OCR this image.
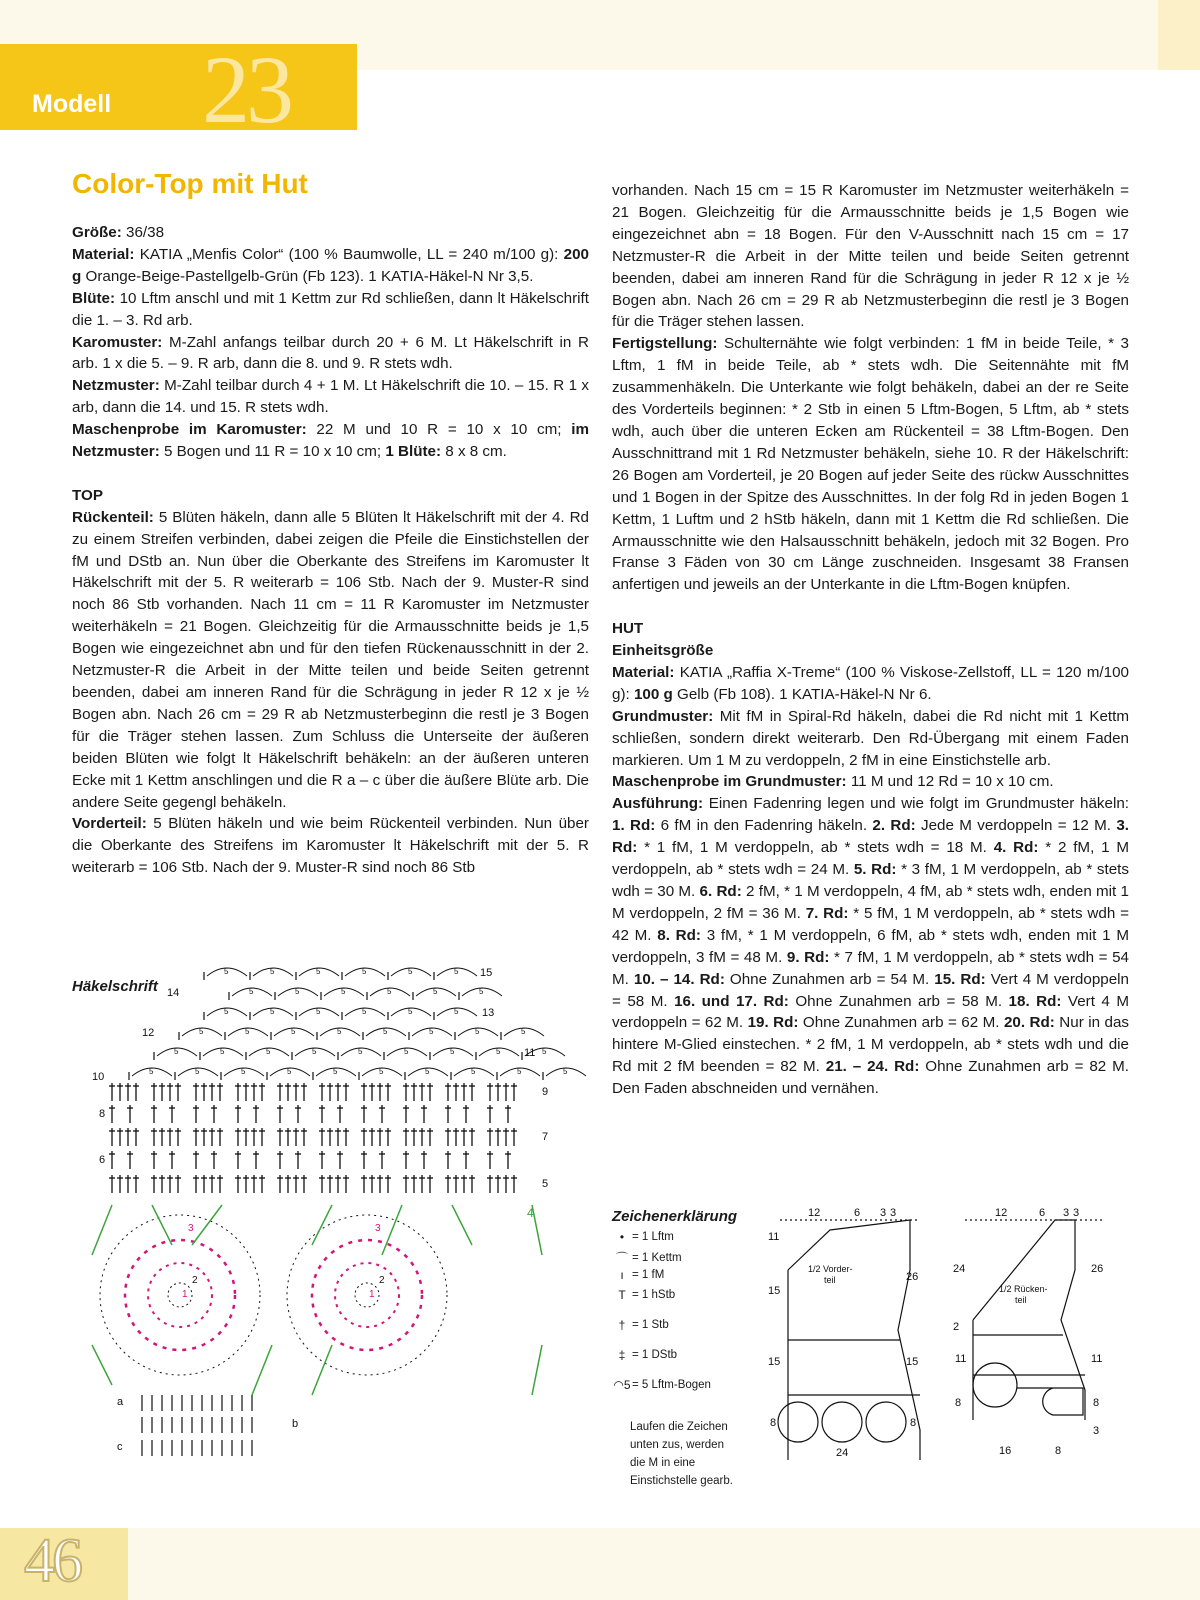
23
Modell
46
Color-Top mit Hut

Größe: 36/38

Material: KATIA „Menfis Color“ (100 % Baumwolle, LL = 240 m/100 g): 200 g Orange-Beige-Pastellgelb-Grün (Fb 123). 1 KATIA-Häkel-N Nr 3,5.

Blüte: 10 Lftm anschl und mit 1 Kettm zur Rd schließen, dann lt Häkelschrift die 1. – 3. Rd arb.

Karomuster: M-Zahl anfangs teilbar durch 20 + 6 M. Lt Häkelschrift in R arb. 1 x die 5. – 9. R arb, dann die 8. und 9. R stets wdh.

Netzmuster: M-Zahl teilbar durch 4 + 1 M. Lt Häkelschrift die 10. – 15. R 1 x arb, dann die 14. und 15. R stets wdh.

Maschenprobe im Karomuster: 22 M und 10 R = 10 x 10 cm; im Netzmuster: 5 Bogen und 11 R = 10 x 10 cm; 1 Blüte: 8 x 8 cm.

TOP

Rückenteil: 5 Blüten häkeln, dann alle 5 Blüten lt Häkelschrift mit der 4. Rd zu einem Streifen verbinden, dabei zeigen die Pfeile die Einstichstellen der fM und DStb an. Nun über die Oberkante des Streifens im Karomuster lt Häkelschrift mit der 5. R weiterarb = 106 Stb. Nach der 9. Muster-R sind noch 86 Stb vorhanden. Nach 11 cm = 11 R Karomuster im Netzmuster weiterhäkeln = 21 Bogen. Gleichzeitig für die Armausschnitte beids je 1,5 Bogen wie eingezeichnet abn und für den tiefen Rückenausschnitt in der 2. Netzmuster-R die Arbeit in der Mitte teilen und beide Seiten getrennt beenden, dabei am inneren Rand für die Schrägung in jeder R 12 x je ½ Bogen abn. Nach 26 cm = 29 R ab Netzmusterbeginn die restl je 3 Bogen für die Träger stehen lassen. Zum Schluss die Unterseite der äußeren beiden Blüten wie folgt lt Häkelschrift behäkeln: an der äußeren unteren Ecke mit 1 Kettm anschlingen und die R a – c über die äußere Blüte arb. Die andere Seite gegengl behäkeln.

Vorderteil: 5 Blüten häkeln und wie beim Rückenteil verbinden. Nun über die Oberkante des Streifens im Karomuster lt Häkelschrift mit der 5. R weiterarb = 106 Stb. Nach der 9. Muster-R sind noch 86 Stb

vorhanden. Nach 15 cm = 15 R Karomuster im Netzmuster weiterhäkeln = 21 Bogen. Gleichzeitig für die Armausschnitte beids je 1,5 Bogen wie eingezeichnet abn = 18 Bogen. Für den V-Ausschnitt nach 15 cm = 17 Netzmuster-R die Arbeit in der Mitte teilen und beide Seiten getrennt beenden, dabei am inneren Rand für die Schrägung in jeder R 12 x je ½ Bogen abn. Nach 26 cm = 29 R ab Netzmusterbeginn die restl je 3 Bogen für die Träger stehen lassen.

Fertigstellung: Schulternähte wie folgt verbinden: 1 fM in beide Teile, * 3 Lftm, 1 fM in beide Teile, ab * stets wdh. Die Seitennähte mit fM zusammenhäkeln. Die Unterkante wie folgt behäkeln, dabei an der re Seite des Vorderteils beginnen: * 2 Stb in einen 5 Lftm-Bogen, 5 Lftm, ab * stets wdh, auch über die unteren Ecken am Rückenteil = 38 Lftm-Bogen. Den Ausschnittrand mit 1 Rd Netzmuster behäkeln, siehe 10. R der Häkelschrift: 26 Bogen am Vorderteil, je 20 Bogen auf jeder Seite des rückw Ausschnittes und 1 Bogen in der Spitze des Ausschnittes. In der folg Rd in jeden Bogen 1 Kettm, 1 Luftm und 2 hStb häkeln, dann mit 1 Kettm die Rd schließen. Die Armausschnitte wie den Halsausschnitt behäkeln, jedoch mit 32 Bogen. Pro Franse 3 Fäden von 30 cm Länge zuschneiden. Insgesamt 38 Fransen anfertigen und jeweils an der Unterkante in die Lftm-Bogen knüpfen.

HUT

Einheitsgröße

Material: KATIA „Raffia X-Treme“ (100 % Viskose-Zellstoff, LL = 120 m/100 g): 100 g Gelb (Fb 108). 1 KATIA-Häkel-N Nr 6.

Grundmuster: Mit fM in Spiral-Rd häkeln, dabei die Rd nicht mit 1 Kettm schließen, sondern direkt weiterarb. Den Rd-Übergang mit einem Faden markieren. Um 1 M zu verdoppeln, 2 fM in eine Einstichstelle arb.

Maschenprobe im Grundmuster: 11 M und 12 Rd = 10 x 10 cm.

Ausführung: Einen Fadenring legen und wie folgt im Grundmuster häkeln: 1. Rd: 6 fM in den Fadenring häkeln. 2. Rd: Jede M verdoppeln = 12 M. 3. Rd: * 1 fM, 1 M verdoppeln, ab * stets wdh = 18 M. 4. Rd: * 2 fM, 1 M verdoppeln, ab * stets wdh = 24 M. 5. Rd: * 3 fM, 1 M verdoppeln, ab * stets wdh = 30 M. 6. Rd: 2 fM, * 1 M verdoppeln, 4 fM, ab * stets wdh, enden mit 1 M verdoppeln, 2 fM = 36 M. 7. Rd: * 5 fM, 1 M verdoppeln, ab * stets wdh = 42 M. 8. Rd: 3 fM, * 1 M verdoppeln, 6 fM, ab * stets wdh, enden mit 1 M verdoppeln, 3 fM = 48 M. 9. Rd: * 7 fM, 1 M verdoppeln, ab * stets wdh = 54 M. 10. – 14. Rd: Ohne Zunahmen arb = 54 M. 15. Rd: Vert 4 M verdoppeln = 58 M. 16. und 17. Rd: Ohne Zunahmen arb = 58 M. 18. Rd: Vert 4 M verdoppeln = 62 M. 19. Rd: Ohne Zunahmen arb = 62 M. 20. Rd: Nur in das hintere M-Glied einstechen. * 2 fM, 1 M verdoppeln, ab * stets wdh und die Rd mit 2 fM beenden = 82 M. 21. – 24. Rd: Ohne Zunahmen arb = 82 M. Den Faden abschneiden und vernähen.

Häkelschrift
5	5	5	5	5	5 15
5	5	5	5	5	5
14
5	5	5	5	5	5 13
5	5	5	5	5	5	5	5
12
5	5	5	5	5	5	5	5	5
11
5	5	5	5	5	5	5	5	5	5
10
9
8
7
6
5
3
2
1
3
2
1
4
a
b
c
Zeichenerklärung
• = 1 Lftm
⌒ = 1 Kettm
ı = 1 fM
T = 1 hStb
† = 1 Stb
‡ = 1 DStb
◠5 = 5 Lftm-Bogen
Laufen die Zeichen
unten zus, werden
die M in eine
Einstichstelle gearb.
12	6 3 3
11
26
15
15	15
8	8
24
1/2 Vorder-
teil
12	6 3 3
24	26
2
11	11
8	8
3
16	8
1/2 Rücken-
teil
